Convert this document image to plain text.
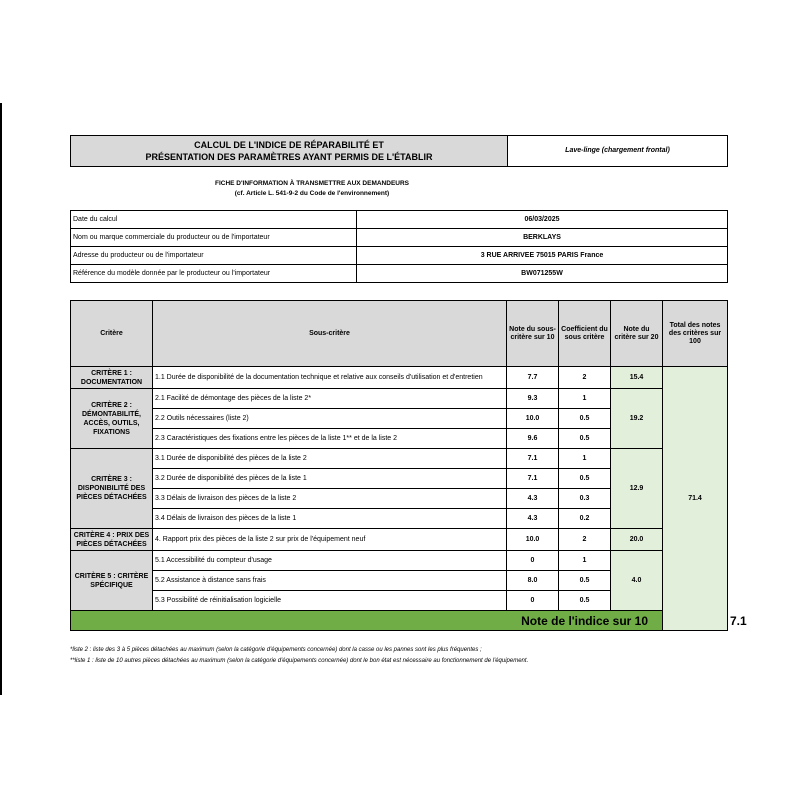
CALCUL DE L'INDICE DE RÉPARABILITÉ ET
PRÉSENTATION DES PARAMÈTRES AYANT PERMIS DE L'ÉTABLIR
	Lave-linge (chargement frontal)
FICHE D'INFORMATION À TRANSMETTRE AUX DEMANDEURS
(cf. Article L. 541-9-2 du Code de l'environnement)
Date du calcul	06/03/2025
Nom ou marque commerciale du producteur ou de l'importateur	BERKLAYS
Adresse du producteur ou de l'importateur	3 RUE ARRIVEE 75015 PARIS France
Référence du modèle donnée par le producteur ou l'importateur	BW071255W
Critère	Sous-critère	Note du sous-critère sur 10	Coefficient du sous critère	Note du critère sur 20	Total des notes des critères sur 100	
CRITÈRE 1 : DOCUMENTATION	1.1 Durée de disponibilité de la documentation technique et relative aux conseils d'utilisation et d'entretien	7.7	2	15.4	71.4	
CRITÈRE 2 : DÉMONTABILITÉ, ACCÈS, OUTILS, FIXATIONS	2.1 Facilité de démontage des pièces de la liste 2*	9.3	1	19.2		
	2.2 Outils nécessaires (liste 2)	10.0	0.5			
	2.3 Caractéristiques des fixations entre les pièces de la liste 1** et de la liste 2	9.6	0.5			
CRITÈRE 3 : DISPONIBILITÉ DES PIÈCES DÉTACHÉES	3.1 Durée de disponibilité des pièces de la liste 2	7.1	1	12.9		
	3.2 Durée de disponibilité des pièces de la liste 1	7.1	0.5			
	3.3 Délais de livraison des pièces de la liste 2	4.3	0.3			
	3.4 Délais de livraison des pièces de la liste 1	4.3	0.2			
CRITÈRE 4 : PRIX DES PIÈCES DÉTACHÉES	4. Rapport prix des pièces de la liste 2 sur prix de l'équipement neuf	10.0	2	20.0		
CRITÈRE 5 : CRITÈRE SPÉCIFIQUE	5.1 Accessibilité du compteur d'usage	0	1	4.0		
	5.2 Assistance à distance sans frais	8.0	0.5			
	5.3 Possibilité de réinitialisation logicielle	0	0.5			
Note de l'indice sur 10						7.1
*liste 2 : liste des 3 à 5 pièces détachées au maximum (selon la catégorie d'équipements concernée) dont la casse ou les pannes sont les plus fréquentes ;
**liste 1 : liste de 10 autres pièces détachées au maximum (selon la catégorie d'équipements concernée) dont le bon état est nécessaire au fonctionnement de l'équipement.
